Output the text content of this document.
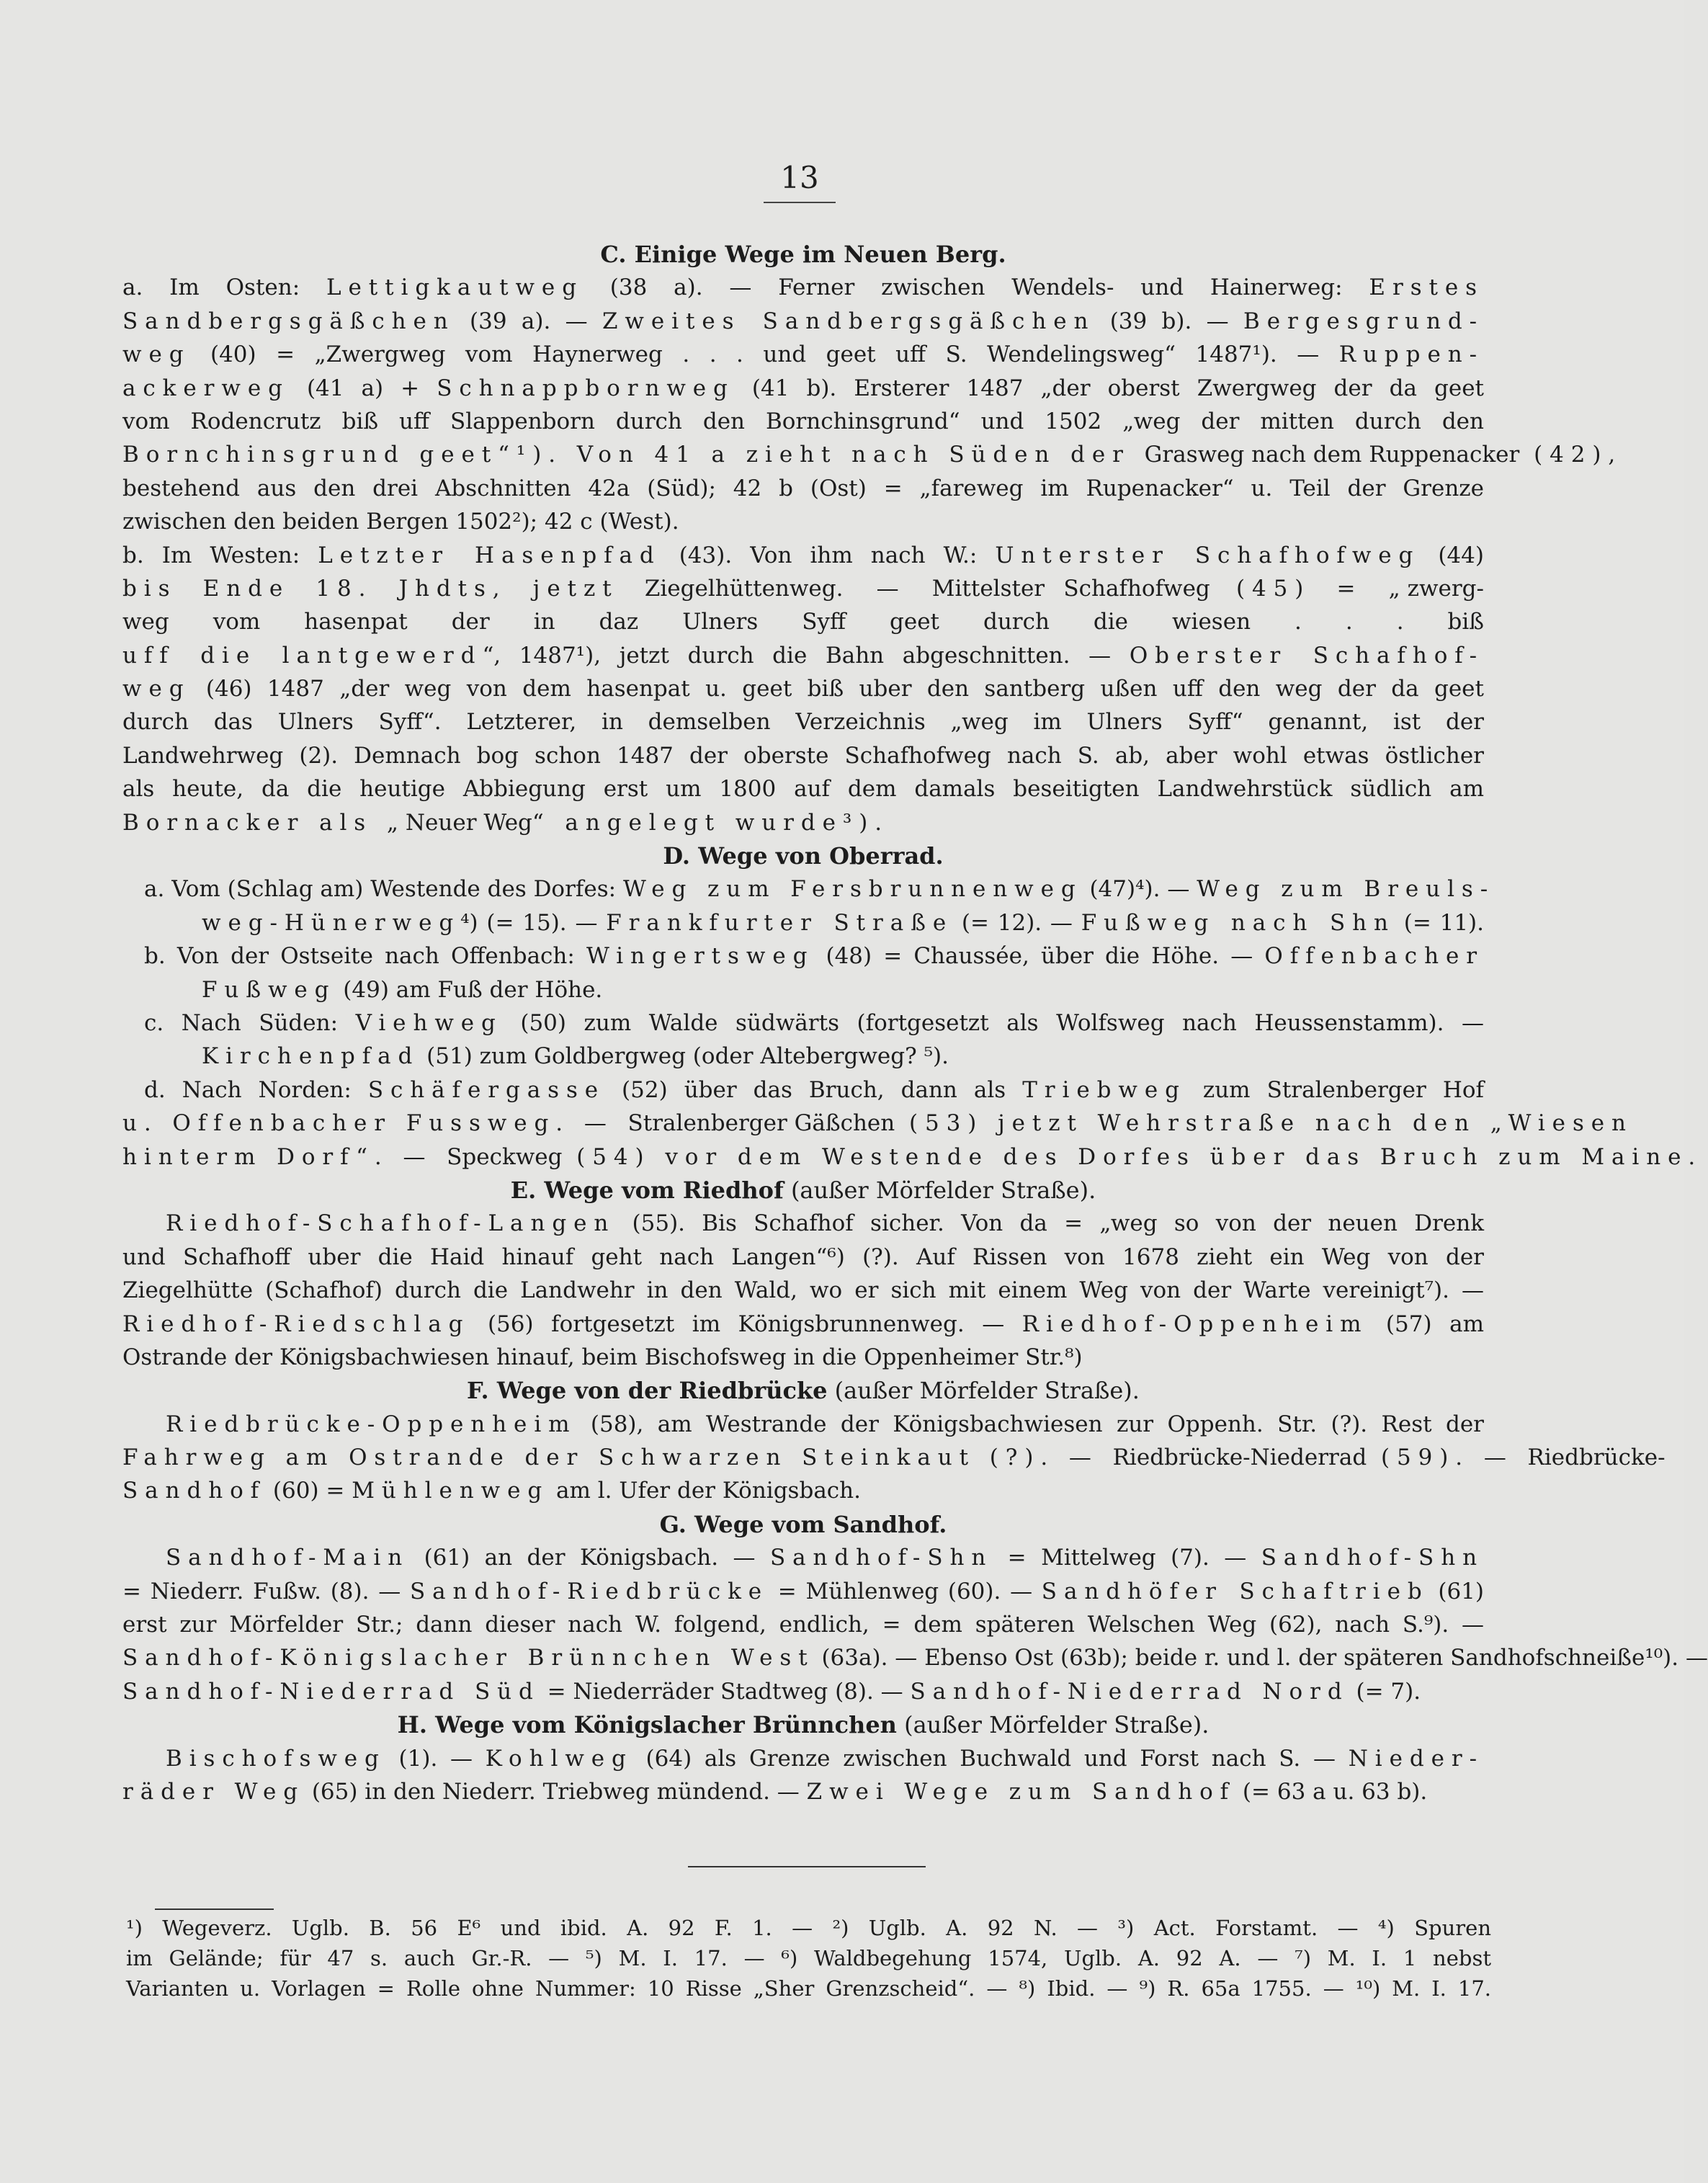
13
C. Einige Wege im Neuen Berg.
a. Im Osten: Lettigkautweg (38 a). — Ferner zwischen Wendels- und Hainerweg: Erstes
Sandbergsgäßchen (39 a). — Zweites Sandbergsgäßchen (39 b). — Bergesgrund-
weg (40) = „Zwergweg vom Haynerweg . . . und geet uff S. Wendelingsweg“ 1487¹). — Ruppen-
ackerweg (41 a) + Schnappbornweg (41 b). Ersterer 1487 „der oberst Zwergweg der da geet
vom Rodencrutz biß uff Slappenborn durch den Bornchinsgrund“ und 1502 „weg der mitten durch den
Bornchinsgrund geet“¹). Von 41 a zieht nach Süden der Grasweg nach dem Ruppenacker (42),
bestehend aus den drei Abschnitten 42a (Süd); 42 b (Ost) = „fareweg im Rupenacker“ u. Teil der Grenze
zwischen den beiden Bergen 1502²); 42 c (West).
b. Im Westen: Letzter Hasenpfad (43). Von ihm nach W.: Unterster Schafhofweg (44)
bis Ende 18. Jhdts, jetzt Ziegelhüttenweg. — Mittelster Schafhofweg (45) = „zwerg-
weg vom hasenpat der in daz Ulners Syff geet durch die wiesen . . . biß
uff die lantgewerd“, 1487¹), jetzt durch die Bahn abgeschnitten. — Oberster Schafhof-
weg (46) 1487 „der weg von dem hasenpat u. geet biß uber den santberg ußen uff den weg der da geet
durch das Ulners Syff“. Letzterer, in demselben Verzeichnis „weg im Ulners Syff“ genannt, ist der
Landwehrweg (2). Demnach bog schon 1487 der oberste Schafhofweg nach S. ab, aber wohl etwas östlicher
als heute, da die heutige Abbiegung erst um 1800 auf dem damals beseitigten Landwehrstück südlich am
Bornacker als „Neuer Weg“ angelegt wurde³).
D. Wege von Oberrad.
a. Vom (Schlag am) Westende des Dorfes: Weg zum Fersbrunnenweg (47)⁴). — Weg zum Breuls-
weg-Hünerweg⁴) (= 15). — Frankfurter Straße (= 12). — Fußweg nach Shn (= 11).
b. Von der Ostseite nach Offenbach: Wingertsweg (48) = Chaussée, über die Höhe. — Offenbacher
Fußweg (49) am Fuß der Höhe.
c. Nach Süden: Viehweg (50) zum Walde südwärts (fortgesetzt als Wolfsweg nach Heussenstamm). —
Kirchenpfad (51) zum Goldbergweg (oder Altebergweg? ⁵).
d. Nach Norden: Schäfergasse (52) über das Bruch, dann als Triebweg zum Stralenberger Hof
u. Offenbacher Fussweg. — Stralenberger Gäßchen (53) jetzt Wehrstraße nach den „Wiesen
hinterm Dorf“. — Speckweg (54) vor dem Westende des Dorfes über das Bruch zum Maine.
E. Wege vom Riedhof (außer Mörfelder Straße).
Riedhof-Schafhof-Langen (55). Bis Schafhof sicher. Von da = „weg so von der neuen Drenk
und Schafhoff uber die Haid hinauf geht nach Langen“⁶) (?). Auf Rissen von 1678 zieht ein Weg von der
Ziegelhütte (Schafhof) durch die Landwehr in den Wald, wo er sich mit einem Weg von der Warte vereinigt⁷). —
Riedhof-Riedschlag (56) fortgesetzt im Königsbrunnenweg. — Riedhof-Oppenheim (57) am
Ostrande der Königsbachwiesen hinauf, beim Bischofsweg in die Oppenheimer Str.⁸)
F. Wege von der Riedbrücke (außer Mörfelder Straße).
Riedbrücke-Oppenheim (58), am Westrande der Königsbachwiesen zur Oppenh. Str. (?). Rest der
Fahrweg am Ostrande der Schwarzen Steinkaut (?). — Riedbrücke-Niederrad (59). — Riedbrücke-
Sandhof (60) = Mühlenweg am l. Ufer der Königsbach.
G. Wege vom Sandhof.
Sandhof-Main (61) an der Königsbach. — Sandhof-Shn = Mittelweg (7). — Sandhof-Shn
= Niederr. Fußw. (8). — Sandhof-Riedbrücke = Mühlenweg (60). — Sandhöfer Schaftrieb (61)
erst zur Mörfelder Str.; dann dieser nach W. folgend, endlich, = dem späteren Welschen Weg (62), nach S.⁹). —
Sandhof-Königslacher Brünnchen West (63a). — Ebenso Ost (63b); beide r. und l. der späteren Sandhofschneiße¹⁰). —
Sandhof-Niederrad Süd = Niederräder Stadtweg (8). — Sandhof-Niederrad Nord (= 7).
H. Wege vom Königslacher Brünnchen (außer Mörfelder Straße).
Bischofsweg (1). — Kohlweg (64) als Grenze zwischen Buchwald und Forst nach S. — Nieder-
räder Weg (65) in den Niederr. Triebweg mündend. — Zwei Wege zum Sandhof (= 63 a u. 63 b).
¹) Wegeverz. Uglb. B. 56 E⁶ und ibid. A. 92 F. 1. — ²) Uglb. A. 92 N. — ³) Act. Forstamt. — ⁴) Spuren
im Gelände; für 47 s. auch Gr.-R. — ⁵) M. I. 17. — ⁶) Waldbegehung 1574, Uglb. A. 92 A. — ⁷) M. I. 1 nebst
Varianten u. Vorlagen = Rolle ohne Nummer: 10 Risse „Sher Grenzscheid“. — ⁸) Ibid. — ⁹) R. 65a 1755. — ¹⁰) M. I. 17.
